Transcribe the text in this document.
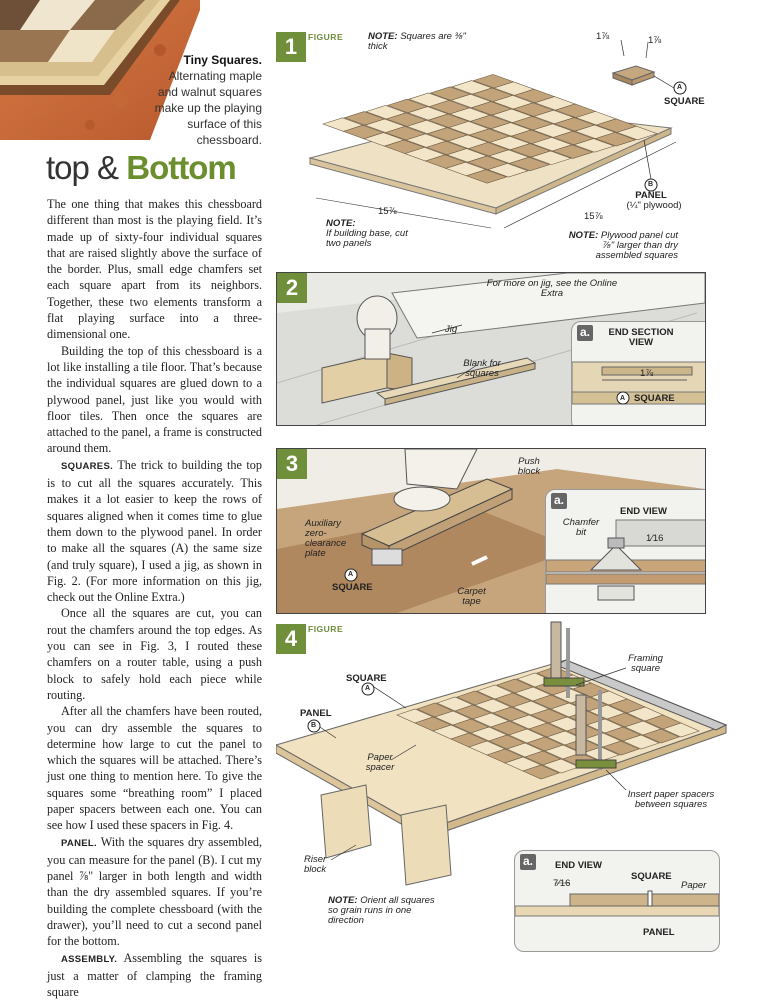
Tiny Squares.
Alternating maple and walnut squares make up the playing surface of this chessboard.
top & Bottom

The one thing that makes this chessboard different than most is the playing field. It’s made up of sixty-four individual squares that are raised slightly above the surface of the border. Plus, small edge chamfers set each square apart from its neighbors. Together, these two elements transform a flat playing surface into a three-dimensional one.

Building the top of this chessboard is a lot like installing a tile floor. That’s because the individual squares are glued down to a plywood panel, just like you would with floor tiles. Then once the squares are attached to the panel, a frame is constructed around them.

SQUARES. The trick to building the top is to cut all the squares accurately. This makes it a lot easier to keep the rows of squares aligned when it comes time to glue them down to the plywood panel. In order to make all the squares (A) the same size (and truly square), I used a jig, as shown in Fig. 2. (For more information on this jig, check out the Online Extra.)

Once all the squares are cut, you can rout the chamfers around the top edges. As you can see in Fig. 3, I routed these chamfers on a router table, using a push block to safely hold each piece while routing.

After all the chamfers have been routed, you can dry assemble the squares to determine how large to cut the panel to which the squares will be attached. There’s just one thing to mention here. To give the squares some “breathing room” I placed paper spacers between each one. You can see how I used these spacers in Fig. 4.

PANEL. With the squares dry assembled, you can measure for the panel (B). I cut my panel ⅞" larger in both length and width than the dry assembled squares. If you’re building the complete chessboard (with the drawer), you’ll need to cut a second panel for the bottom.

ASSEMBLY. Assembling the squares is just a matter of clamping the framing square

1	FIGURE	NOTE: Squares are ⅜" thick
1⅞	1⅞
A
SQUARE
B
PANEL
(¼" plywood)
15⅞	15⅞
NOTE:
If building base, cut two panels
NOTE: Plywood panel cut ⅞" larger than dry assembled squares
2	For more on jig, see the Online Extra
Jig
Blank for squares
a.	END SECTION VIEW
1⅞
A SQUARE
3	Push block
Auxiliary zero-clearance plate
A
SQUARE	Carpet tape
a.
END VIEW
Chamfer bit
1⁄16
4	FIGURE
Framing square
SQUARE
A
PANEL
B
Paper spacer
Insert paper spacers between squares
Riser block
NOTE: Orient all squares so grain runs in one direction
a.	END VIEW
7⁄16
SQUARE
Paper
PANEL
